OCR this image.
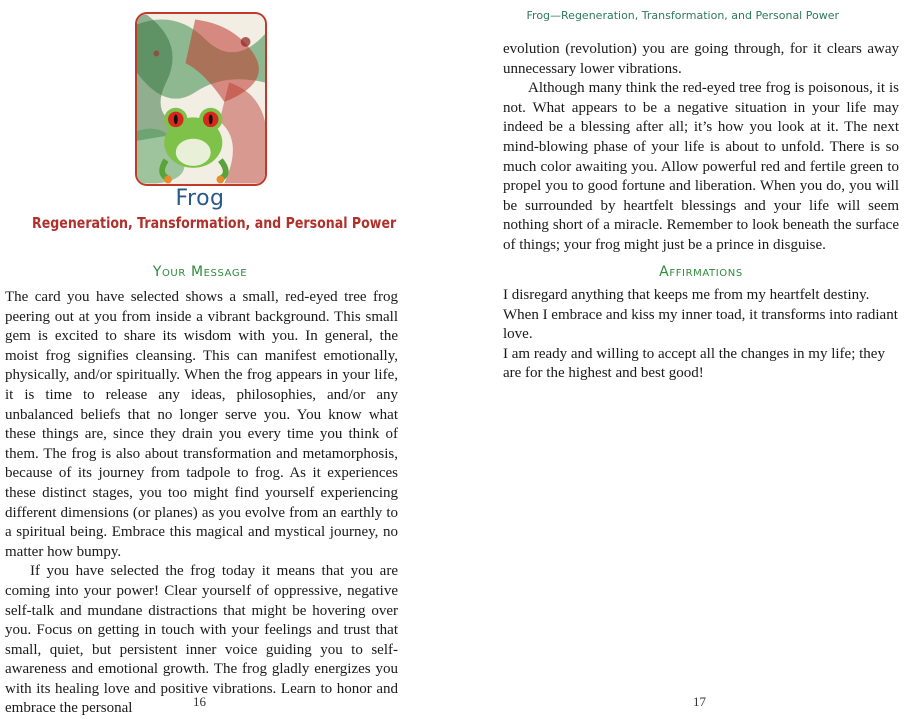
Frog
Regeneration, Transformation, and Personal Power
Your Message

The card you have selected shows a small, red-eyed tree frog peering out at you from inside a vibrant background. This small gem is excited to share its wisdom with you. In general, the moist frog signifies cleansing. This can manifest emotionally, physically, and/or spiritually. When the frog appears in your life, it is time to release any ideas, philosophies, and/or any unbalanced beliefs that no longer serve you. You know what these things are, since they drain you every time you think of them. The frog is also about transformation and metamorphosis, because of its journey from tadpole to frog. As it experiences these distinct stages, you too might find yourself experiencing different dimensions (or planes) as you evolve from an earthly to a spiritual being. Embrace this magical and mystical journey, no matter how bumpy.

If you have selected the frog today it means that you are coming into your power! Clear yourself of oppressive, negative self-talk and mundane distractions that might be hovering over you. Focus on getting in touch with your feelings and trust that small, quiet, but persistent inner voice guiding you to self-awareness and emotional growth. The frog gladly energizes you with its healing love and positive vibrations. Learn to honor and embrace the personal	16
Frog—Regeneration, Transformation, and Personal Power

evolution (revolution) you are going through, for it clears away unnecessary lower vibrations.

Although many think the red-eyed tree frog is poisonous, it is not. What appears to be a negative situation in your life may indeed be a blessing after all; it’s how you look at it. The next mind-blowing phase of your life is about to unfold. There is so much color awaiting you. Allow powerful red and fertile green to propel you to good fortune and liberation. When you do, you will be surrounded by heartfelt blessings and your life will seem nothing short of a miracle. Remember to look beneath the surface of things; your frog might just be a prince in disguise.

Affirmations

I disregard anything that keeps me from my heartfelt destiny.

When I embrace and kiss my inner toad, it transforms into radiant love.

I am ready and willing to accept all the changes in my life; they are for the highest and best good!

17
